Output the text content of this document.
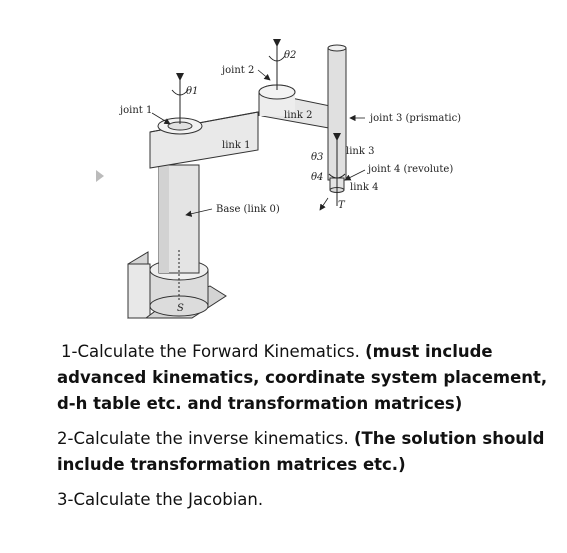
joint 1
joint 2
θ1
θ2
link 2	joint 3 (prismatic)
link 1
θ3
link 3
joint 4 (revolute)
θ4
link 4
T
Base (link 0)
S
1-Calculate the Forward Kinematics. (must include advanced kinematics, coordinate system placement, d-h table etc. and transformation matrices)
2-Calculate the inverse kinematics. (The solution should include transformation matrices etc.)
3-Calculate the Jacobian.
